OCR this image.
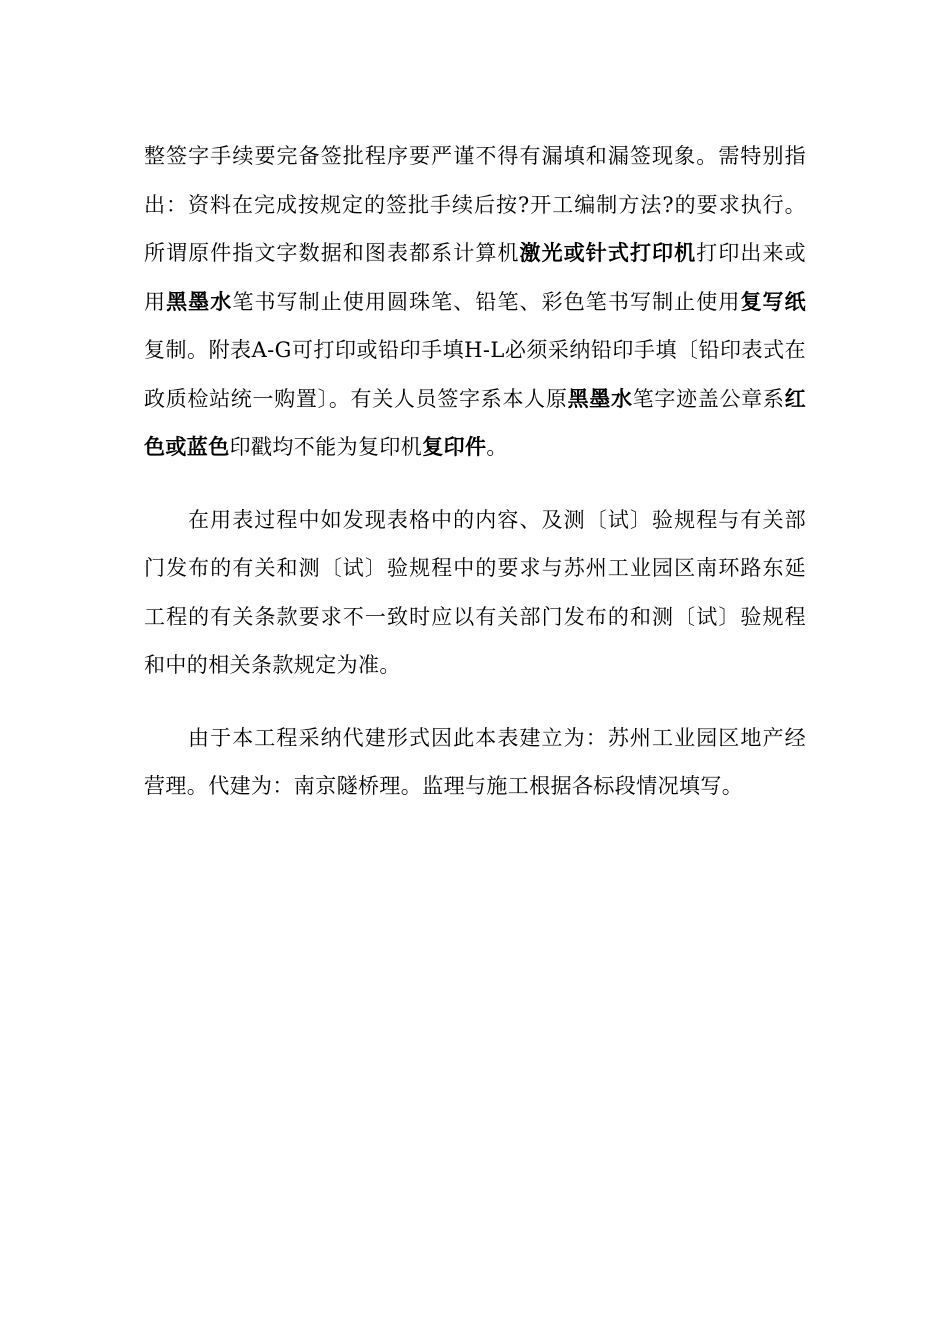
整签字手续要完备签批程序要严谨不得有漏填和漏签现象。需特别指出：资料在完成按规定的签批手续后按?开工编制方法?的要求执行。所谓原件指文字数据和图表都系计算机激光或针式打印机打印出来或用黑墨水笔书写制止使用圆珠笔、铅笔、彩色笔书写制止使用复写纸复制。附表A-G可打印或铅印手填H-L必须采纳铅印手填〔铅印表式在政质检站统一购置〕。有关人员签字系本人原黑墨水笔字迹盖公章系红色或蓝色印戳均不能为复印机复印件。

在用表过程中如发现表格中的内容、及测〔试〕验规程与有关部门发布的有关和测〔试〕验规程中的要求与苏州工业园区南环路东延工程的有关条款要求不一致时应以有关部门发布的和测〔试〕验规程和中的相关条款规定为准。

由于本工程采纳代建形式因此本表建立为：苏州工业园区地产经营理。代建为：南京隧桥理。监理与施工根据各标段情况填写。
